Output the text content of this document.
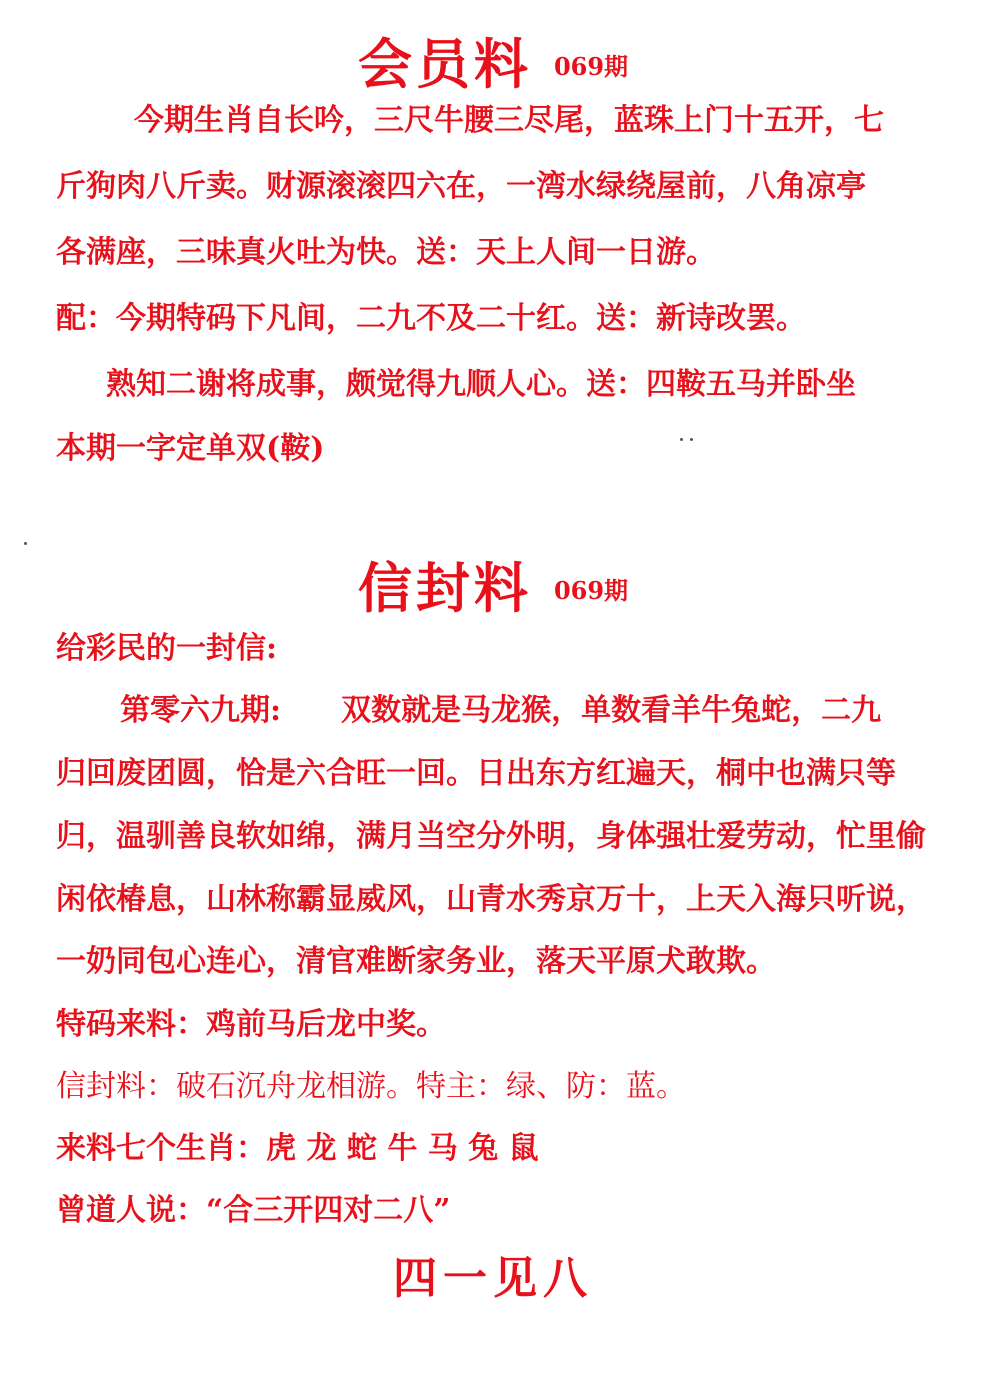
会员料 069期
今期生肖自长吟，三尺牛腰三尽尾，蓝珠上门十五开，七
斤狗肉八斤卖。财源滚滚四六在，一湾水绿绕屋前，八角凉亭
各满座，三味真火吐为快。送：天上人间一日游。
配：今期特码下凡间，二九不及二十红。送：新诗改罢。
熟知二谢将成事，颇觉得九顺人心。送：四鞍五马并卧坐
本期一字定单双(鞍)
信封料 069期
给彩民的一封信:
第零六九期:　　双数就是马龙猴，单数看羊牛兔蛇，二九
归回废团圆，恰是六合旺一回。日出东方红遍天，桐中也满只等
归，温驯善良软如绵，满月当空分外明，身体强壮爱劳动，忙里偷
闲依椿息，山林称霸显威风，山青水秀京万十，上天入海只听说，
一奶同包心连心，清官难断家务业，落天平原犬敢欺。
特码来料：鸡前马后龙中奖。
信封料：破石沉舟龙相游。特主：绿、防：蓝。
来料七个生肖：虎 龙 蛇 牛 马 兔 鼠
曾道人说：“合三开四对二八”
四一见八
